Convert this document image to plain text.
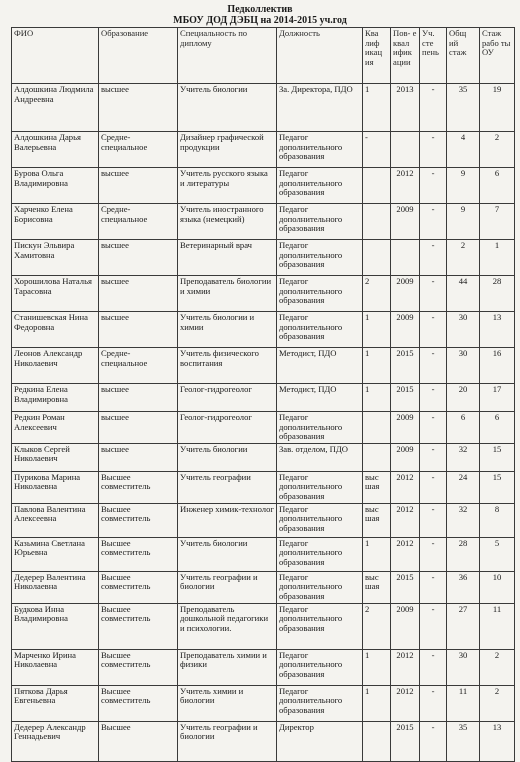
Педколлектив
МБОУ ДОД ДЭБЦ на 2014-2015 уч.год
ФИО	Образование	Специальность по диплому	Должность	Ква лиф икац ия	Пов- е квал ифик ации	Уч. сте пень	Общ ий стаж	Стаж рабо ты ОУ
Алдошкина Людмила Андреевна	высшее	Учитель биологии	За. Директора, ПДО	1	2013	-	35	19
Алдошкина Дарья Валерьевна	Средне-специальное	Дизайнер графической продукции	Педагог дополнительного образования	-		-	4	2
Бурова Ольга Владимировна	высшее	Учитель русского языка и литературы	Педагог дополнительного образования		2012	-	9	6
Харченко Елена Борисовна	Средне-специальное	Учитель иностранного языка (немецкий)	Педагог дополнительного образования		2009	-	9	7
Пискун Эльвира Хамитовна	высшее	Ветеринарный врач	Педагог дополнительного образования			-	2	1
Хорошилова Наталья Тарасовна	высшее	Преподаватель биологии и химии	Педагог дополнительного образования	2	2009	-	44	28
Станишевская Нина Федоровна	высшее	Учитель биологии и химии	Педагог дополнительного образования	1	2009	-	30	13
Леонов Александр Николаевич	Средне-специальное	Учитель физического воспитания	Методист, ПДО	1	2015	-	30	16
Редкина Елена Владимировна	высшее	Геолог-гидрогеолог	Методист, ПДО	1	2015	-	20	17
Редкин Роман Алексеевич	высшее	Геолог-гидрогеолог	Педагог дополнительного образования		2009	-	6	6
Клыков Сергей Николаевич	высшее	Учитель биологии	Зав. отделом, ПДО		2009	-	32	15
Пурикова Марина Николаевна	Высшее совместитель	Учитель географии	Педагог дополнительного образования	выс шая	2012	-	24	15
Павлова Валентина Алексеевна	Высшее совместитель	Инженер химик-технолог	Педагог дополнительного образования	выс шая	2012	-	32	8
Казьмина Светлана Юрьевна	Высшее совместитель	Учитель биологии	Педагог дополнительного образования	1	2012	-	28	5
Дедерер Валентина Николаевна	Высшее совместитель	Учитель географии и биологии	Педагог дополнительного образования	выс шая	2015	-	36	10
Будкова Инна Владимировна	Высшее совместитель	Преподаватель дошкольной педагогики и психологии.	Педагог дополнительного образования	2	2009	-	27	11
Марченко Ирина Николаевна	Высшее совместитель	Преподаватель химии и физики	Педагог дополнительного образования	1	2012	-	30	2
Пяткова Дарья Евгеньевна	Высшее совместитель	Учитель химии и биологии	Педагог дополнительного образования	1	2012	-	11	2
Дедерер Александр Геннадьевич	Высшее	Учитель географии и биологии	Директор		2015	-	35	13
